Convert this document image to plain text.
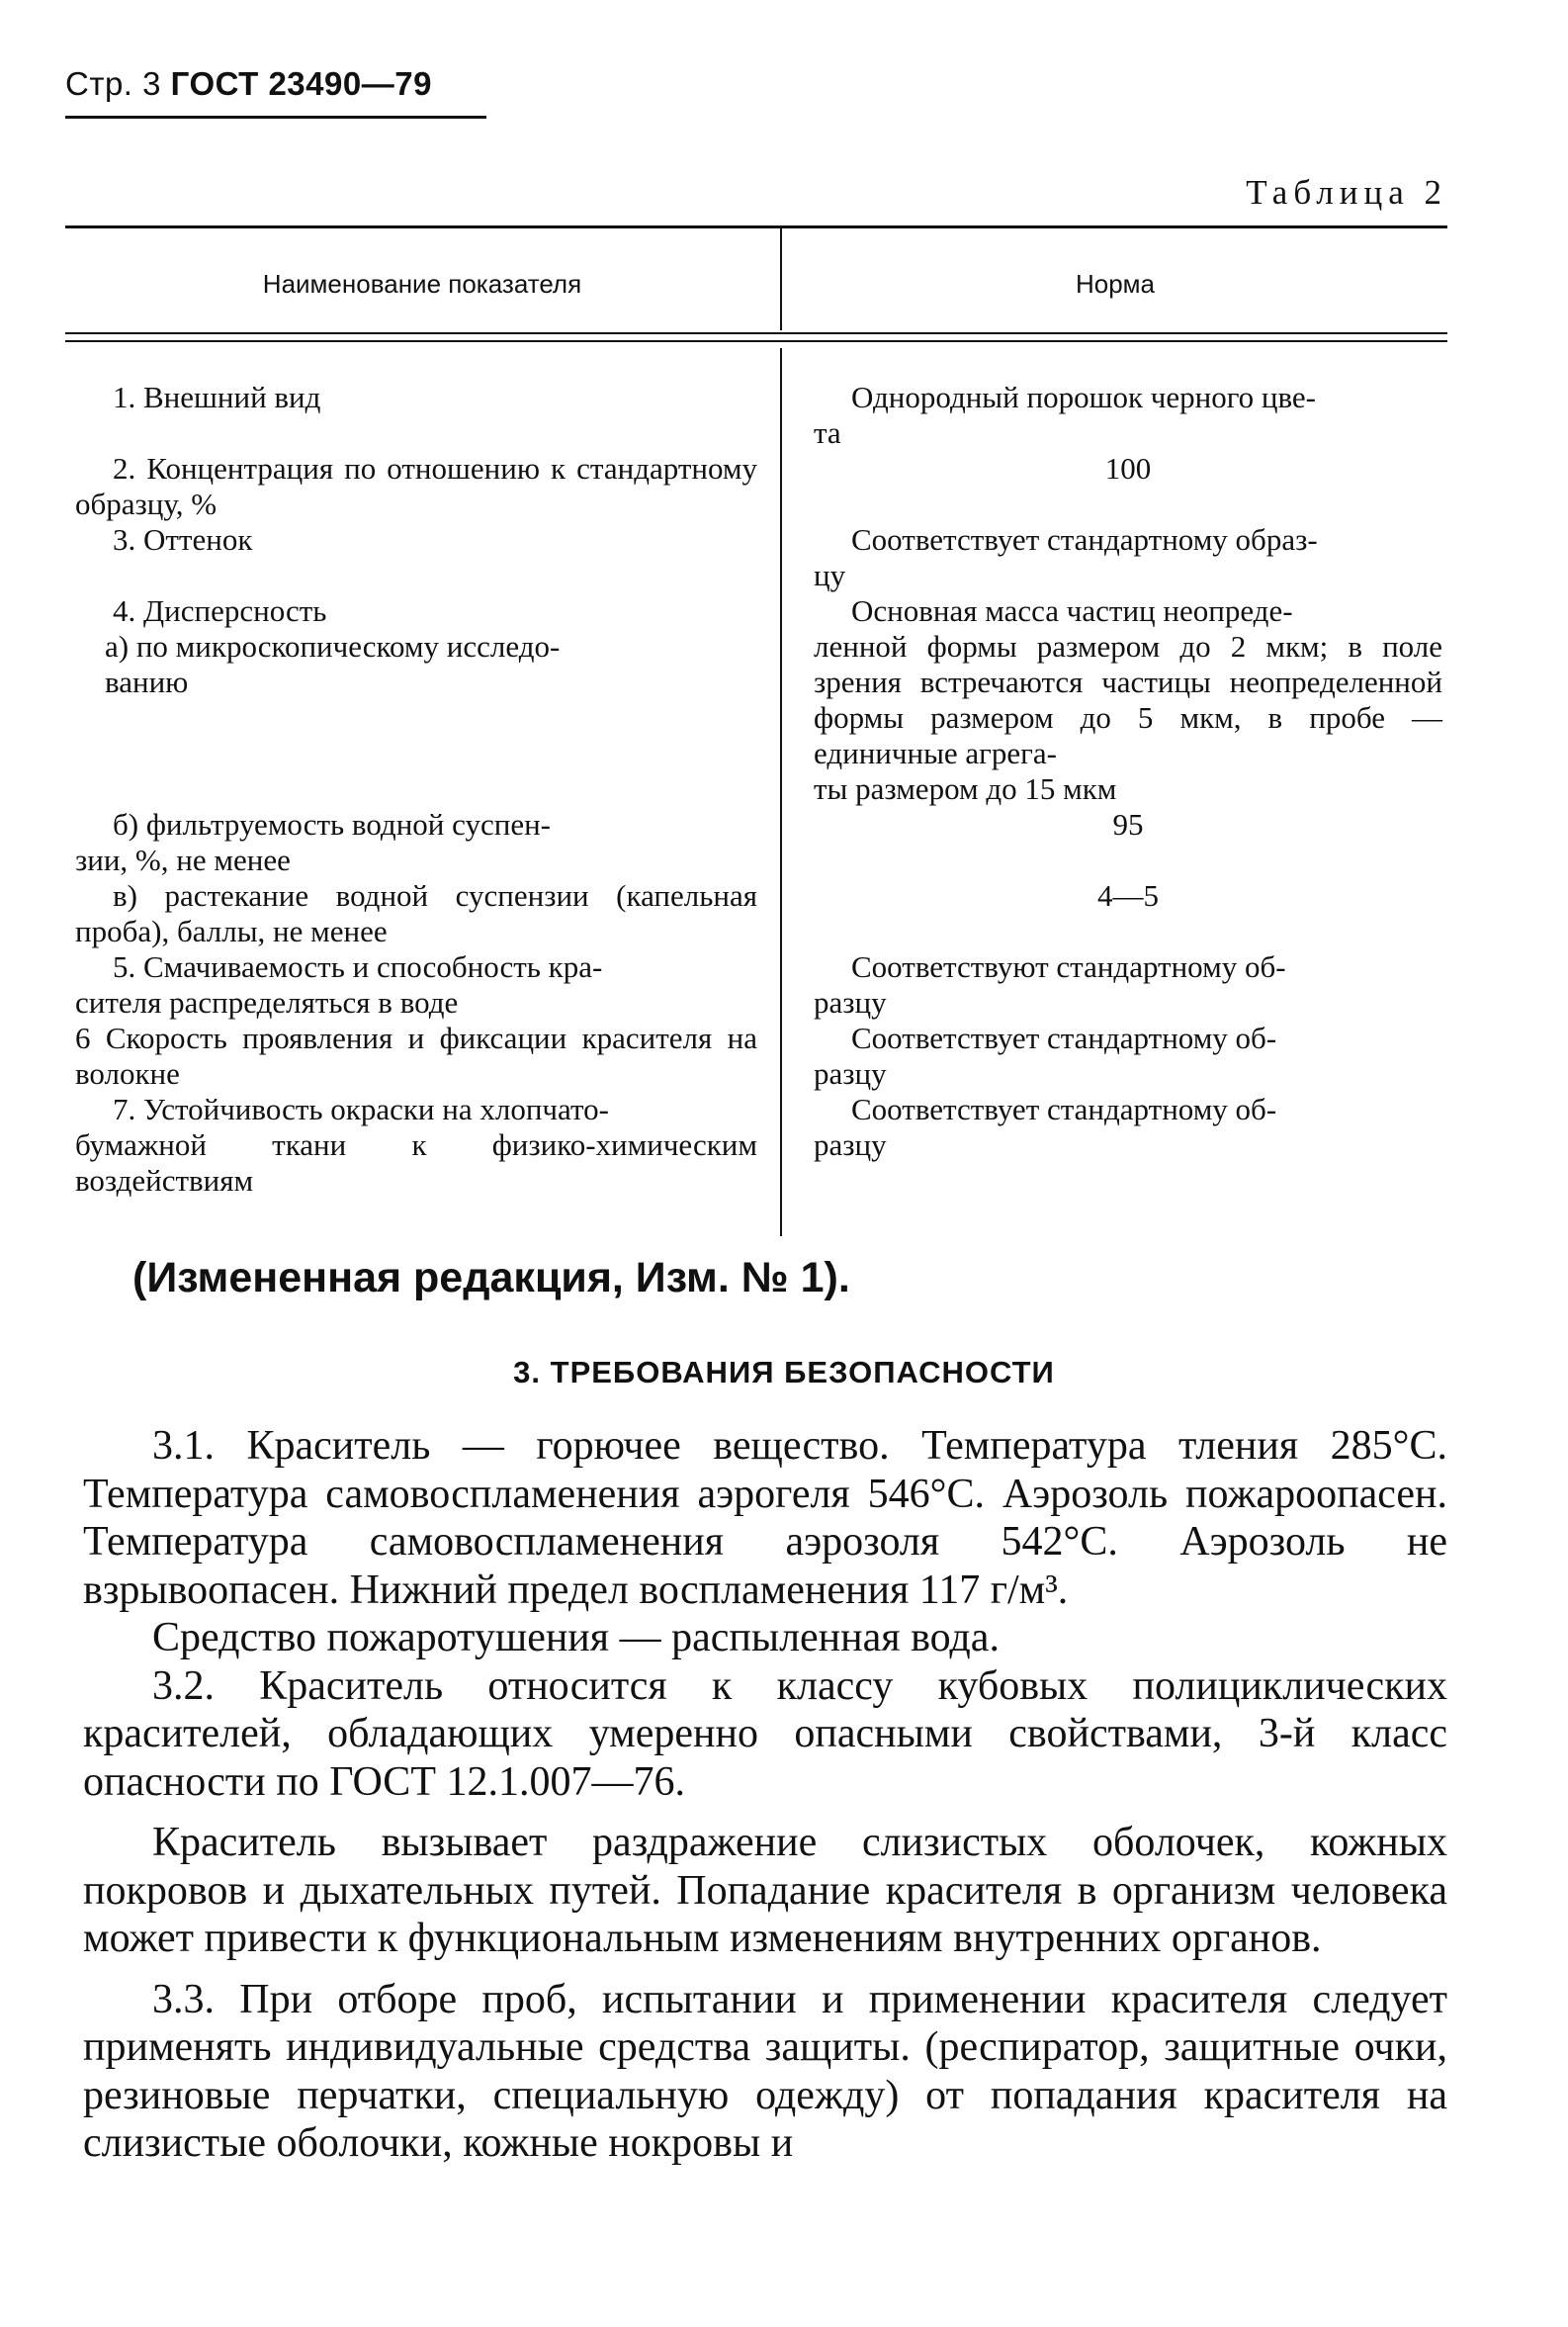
Стр. 3 ГОСТ 23490—79
Таблица 2
Наименование показателя	Норма
1. Внешний вид
2. Концентрация по отношению к стандартному образцу, %
3. Оттенок
4. Дисперсность
а) по микроскопическому исследо-
ванию
б) фильтруемость водной суспен-
зии, %, не менее
в) растекание водной суспензии (капельная проба), баллы, не менее
5. Смачиваемость и способность кра-
сителя распределяться в воде
6 Скорость проявления и фиксации красителя на волокне
7. Устойчивость окраски на хлопчато-
бумажной ткани к физико-химическим воздействиям
Однородный порошок черного цве-
та
100
Соответствует стандартному образ-
цу
Основная масса частиц неопреде-
ленной формы размером до 2 мкм; в поле зрения встречаются частицы неопределенной формы размером до 5 мкм, в пробе — единичные агрега-
ты размером до 15 мкм
95
4—5
Соответствуют стандартному об-
разцу
Соответствует стандартному об-
разцу
Соответствует стандартному об-
разцу
(Измененная редакция, Изм. № 1).
3. ТРЕБОВАНИЯ БЕЗОПАСНОСТИ

3.1. Краситель — горючее вещество. Температура тления 285°С. Температура самовоспламенения аэрогеля 546°С. Аэрозоль пожароопасен. Температура самовоспламенения аэрозоля 542°С. Аэрозоль не взрывоопасен. Нижний предел воспламенения 117 г/м³.

Средство пожаротушения — распыленная вода.

3.2. Краситель относится к классу кубовых полициклических красителей, обладающих умеренно опасными свойствами, 3-й класс опасности по ГОСТ 12.1.007—76.

Краситель вызывает раздражение слизистых оболочек, кожных покровов и дыхательных путей. Попадание красителя в организм человека может привести к функциональным изменениям внутренних органов.

3.3. При отборе проб, испытании и применении красителя следует применять индивидуальные средства защиты. (респиратор, защитные очки, резиновые перчатки, специальную одежду) от попадания красителя на слизистые оболочки, кожные нокровы и
